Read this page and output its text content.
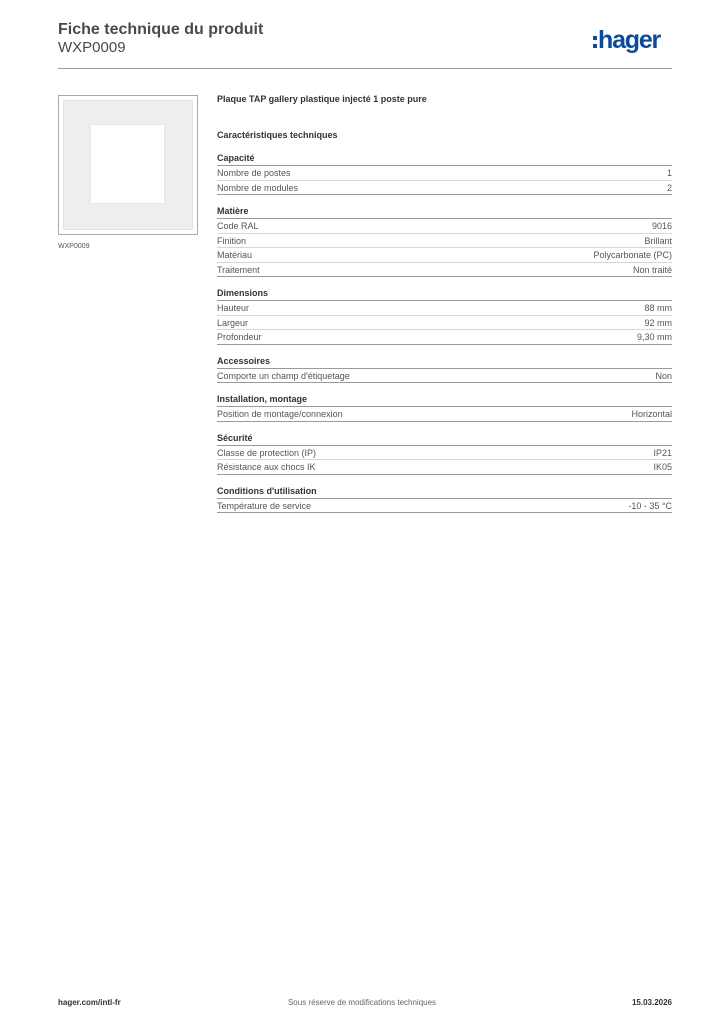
Fiche technique du produit
WXP0009	hager
WXP0009

Plaque TAP gallery plastique injecté 1 poste pure

Caractéristiques techniques
Capacité
Nombre de postes	1
Nombre de modules	2
Matière
Code RAL	9016
Finition	Brillant
Matériau	Polycarbonate (PC)
Traitement	Non traité
Dimensions
Hauteur	88 mm
Largeur	92 mm
Profondeur	9,30 mm
Accessoires
Comporte un champ d'étiquetage	Non
Installation, montage
Position de montage/connexion	Horizontal
Sécurité
Classe de protection (IP)	IP21
Résistance aux chocs IK	IK05
Conditions d'utilisation
Température de service	-10 - 35 °C
hager.com/intl-fr	Sous réserve de modifications techniques	15.03.2026
